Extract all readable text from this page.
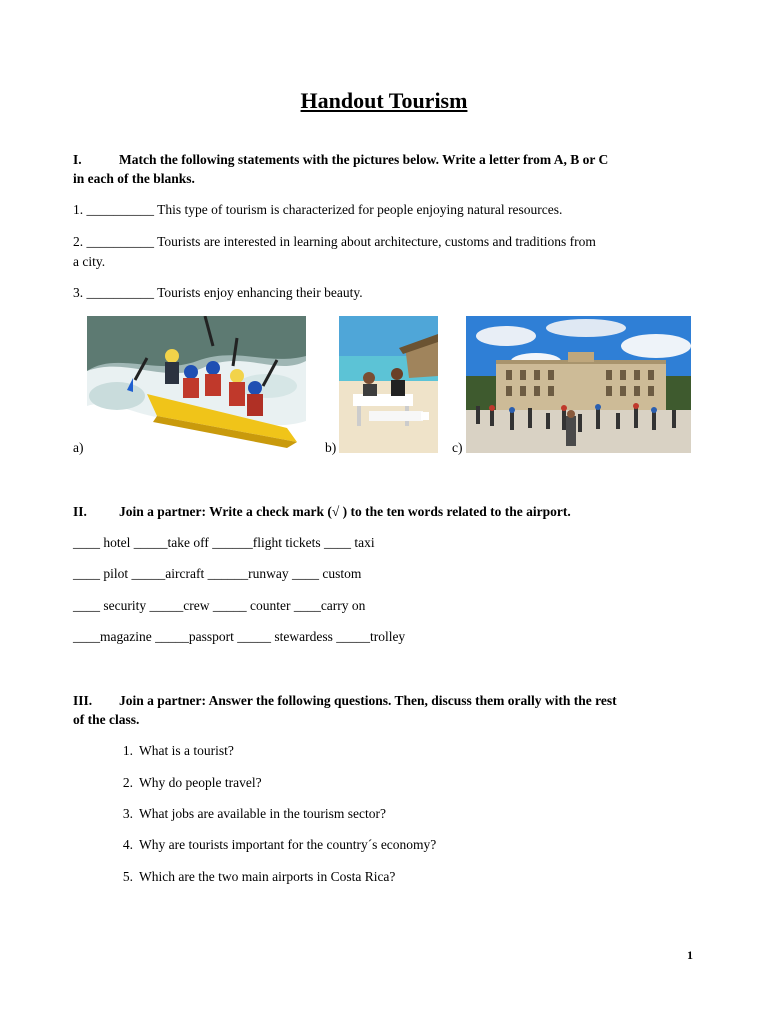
Handout Tourism
I.	Match the following statements with the pictures below. Write a letter from A, B or C
in each of the blanks.
1. __________ This type of tourism is characterized for people enjoying natural resources.
2. __________ Tourists are interested in learning about architecture, customs and traditions from
a city.
3. __________ Tourists enjoy enhancing their beauty.
a)	b)	c)
II. Join a partner: Write a check mark (√ ) to the ten words related to the airport.
____ hotel _____take off ______flight tickets ____ taxi
____ pilot _____aircraft ______runway ____ custom
____ security _____crew _____ counter ____carry on
____magazine _____passport _____ stewardess _____trolley
III. Join a partner: Answer the following questions. Then, discuss them orally with the rest
of the class.
1. What is a tourist?
2. Why do people travel?
3. What jobs are available in the tourism sector?
4. Why are tourists important for the country´s economy?
5. Which are the two main airports in Costa Rica?
1
